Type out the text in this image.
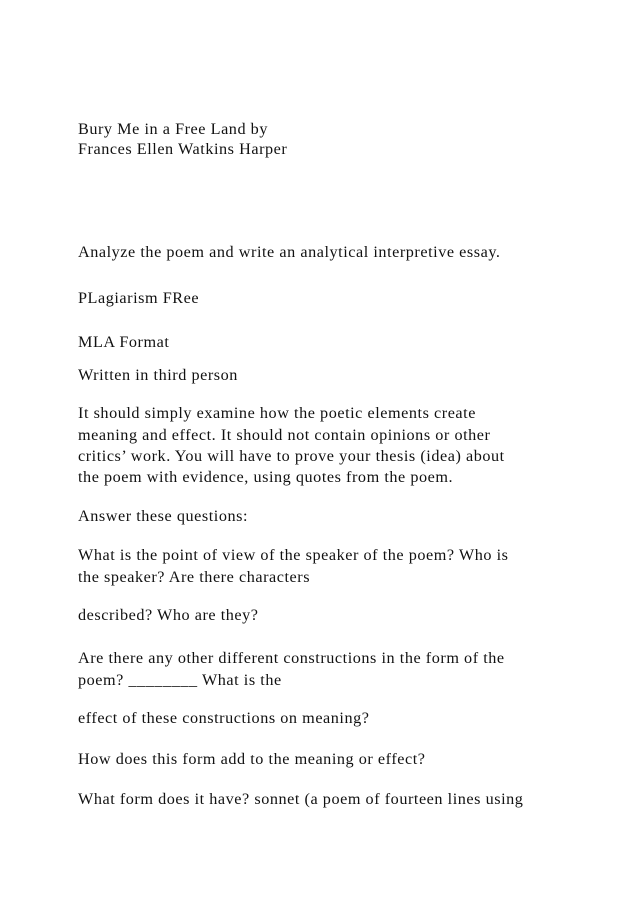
Bury Me in a Free Land by
Frances Ellen Watkins Harper
Analyze the poem and write an analytical interpretive essay.
PLagiarism FRee
MLA Format
Written in third person
It should simply examine how the poetic elements create
meaning and effect. It should not contain opinions or other
critics’ work. You will have to prove your thesis (idea) about
the poem with evidence, using quotes from the poem.
Answer these questions:
What is the point of view of the speaker of the poem? Who is
the speaker? Are there characters
described? Who are they?
Are there any other different constructions in the form of the
poem? ________ What is the
effect of these constructions on meaning?
How does this form add to the meaning or effect?
What form does it have? sonnet (a poem of fourteen lines using
